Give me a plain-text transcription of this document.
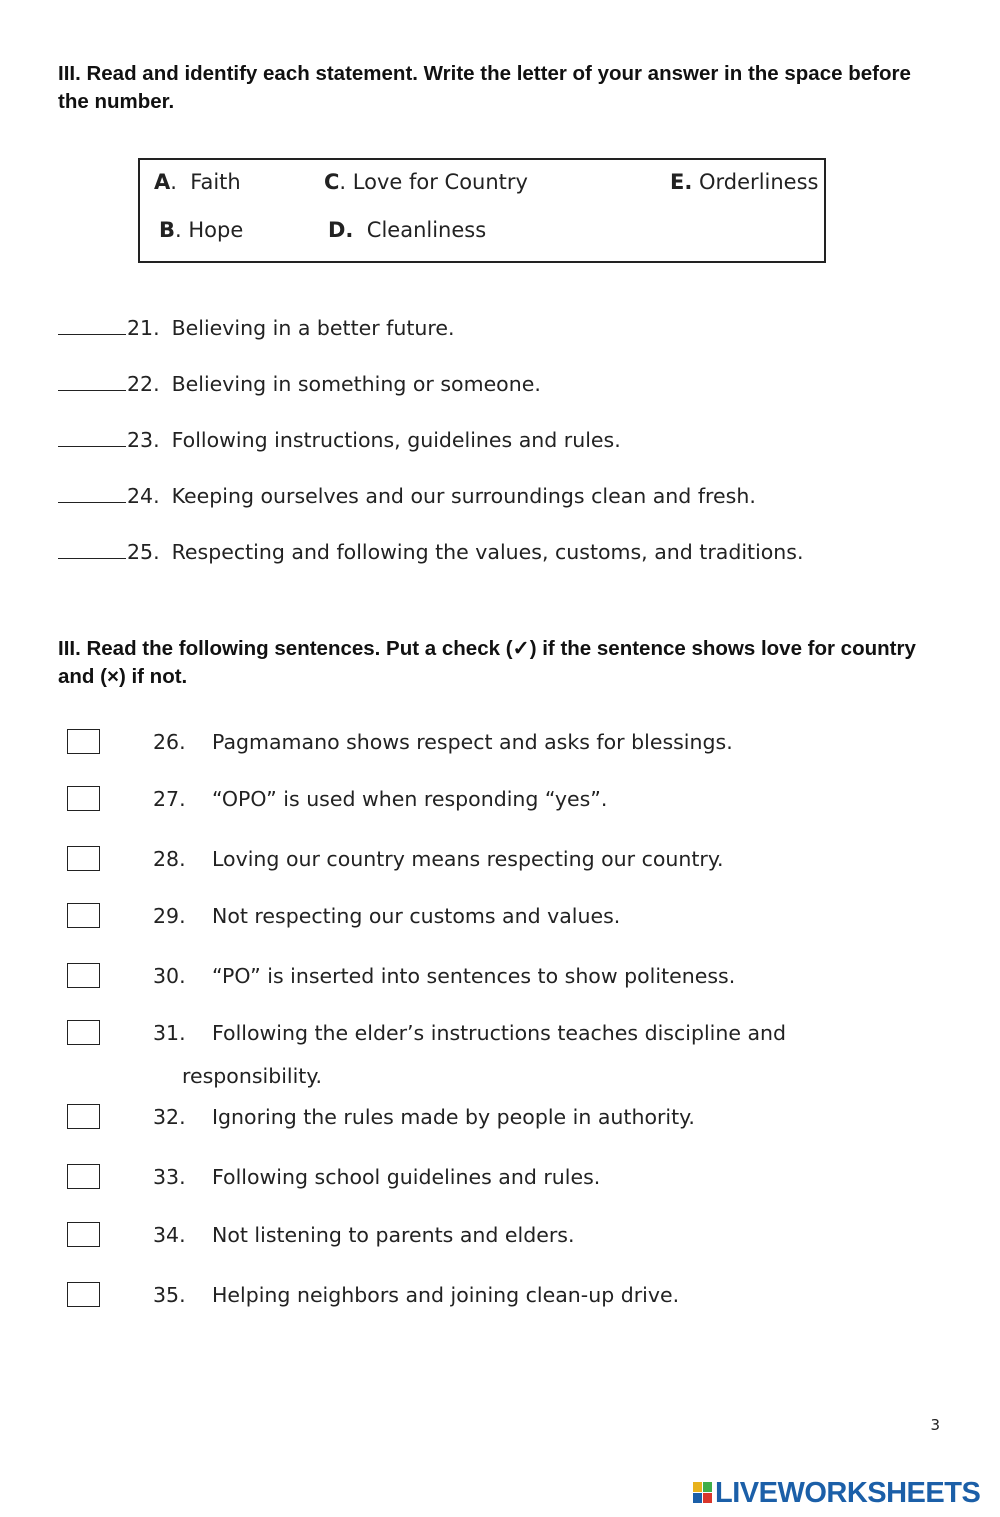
III. Read and identify each statement. Write the letter of your answer in the space before the number.
A.  Faith	C. Love for Country	E. Orderliness
B. Hope	D. Cleanliness
21. Believing in a better future.
22. Believing in something or someone.
23. Following instructions, guidelines and rules.
24. Keeping ourselves and our surroundings clean and fresh.
25. Respecting and following the values, customs, and traditions.
III. Read the following sentences. Put a check (✓) if the sentence shows love for country and (×) if not.
26. Pagmamano shows respect and asks for blessings.
27. “OPO” is used when responding “yes”.
28. Loving our country means respecting our country.
29. Not respecting our customs and values.
30. “PO” is inserted into sentences to show politeness.
31. Following the elder’s instructions teaches discipline and
responsibility.
32. Ignoring the rules made by people in authority.
33. Following school guidelines and rules.
34. Not listening to parents and elders.
35. Helping neighbors and joining clean-up drive.
3
LIVEWORKSHEETS
